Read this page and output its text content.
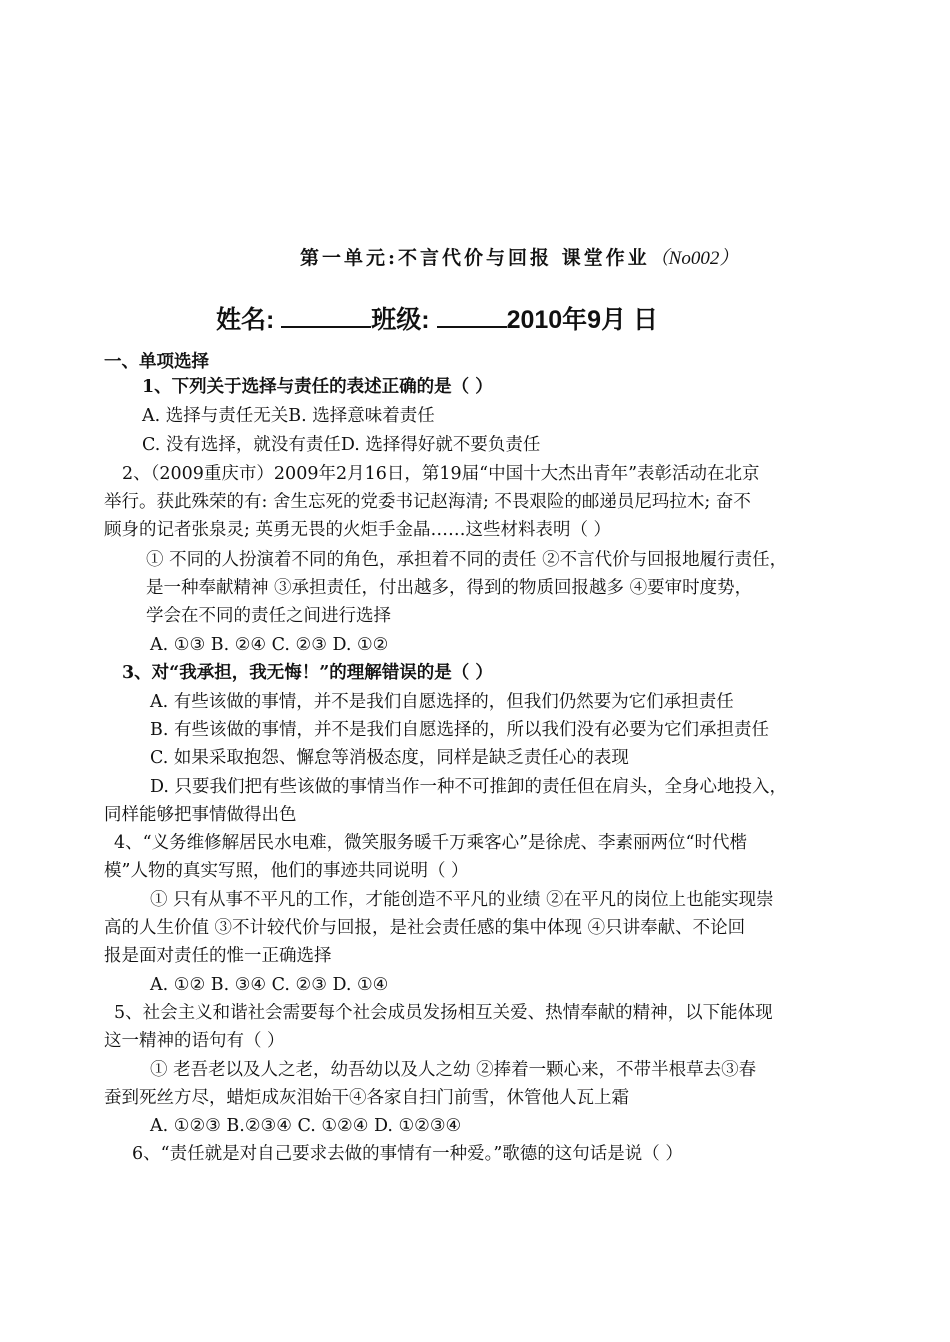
第一单元:不言代价与回报 课堂作业（No002）
姓名:	班级:	2010年9月 日
一、单项选择
1、下列关于选择与责任的表述正确的是（ ）
A. 选择与责任无关B. 选择意味着责任
C. 没有选择，就没有责任D. 选择得好就不要负责任
2、（2009重庆市）2009年2月16日，第19届“中国十大杰出青年”表彰活动在北京
举行。获此殊荣的有: 舍生忘死的党委书记赵海清; 不畏艰险的邮递员尼玛拉木; 奋不
顾身的记者张泉灵; 英勇无畏的火炬手金晶……这些材料表明（ ）
① 不同的人扮演着不同的角色，承担着不同的责任 ②不言代价与回报地履行责任，
是一种奉献精神 ③承担责任，付出越多，得到的物质回报越多 ④要审时度势，
学会在不同的责任之间进行选择
A. ①③ B. ②④ C. ②③ D. ①②
3、对“我承担，我无悔！”的理解错误的是（ ）
A. 有些该做的事情，并不是我们自愿选择的，但我们仍然要为它们承担责任
B. 有些该做的事情，并不是我们自愿选择的，所以我们没有必要为它们承担责任
C. 如果采取抱怨、懈怠等消极态度，同样是缺乏责任心的表现
D. 只要我们把有些该做的事情当作一种不可推卸的责任但在肩头，全身心地投入，
同样能够把事情做得出色
4、“义务维修解居民水电难，微笑服务暖千万乘客心”是徐虎、李素丽两位“时代楷
模”人物的真实写照，他们的事迹共同说明（ ）
① 只有从事不平凡的工作，才能创造不平凡的业绩 ②在平凡的岗位上也能实现崇
高的人生价值 ③不计较代价与回报，是社会责任感的集中体现 ④只讲奉献、不论回
报是面对责任的惟一正确选择
A. ①② B. ③④ C. ②③ D. ①④
5、社会主义和谐社会需要每个社会成员发扬相互关爱、热情奉献的精神，以下能体现
这一精神的语句有（ ）
① 老吾老以及人之老，幼吾幼以及人之幼 ②捧着一颗心来，不带半根草去③春
蚕到死丝方尽，蜡炬成灰泪始干④各家自扫门前雪，休管他人瓦上霜
A. ①②③ B.②③④ C. ①②④ D. ①②③④
6、“责任就是对自己要求去做的事情有一种爱。”歌德的这句话是说（ ）
